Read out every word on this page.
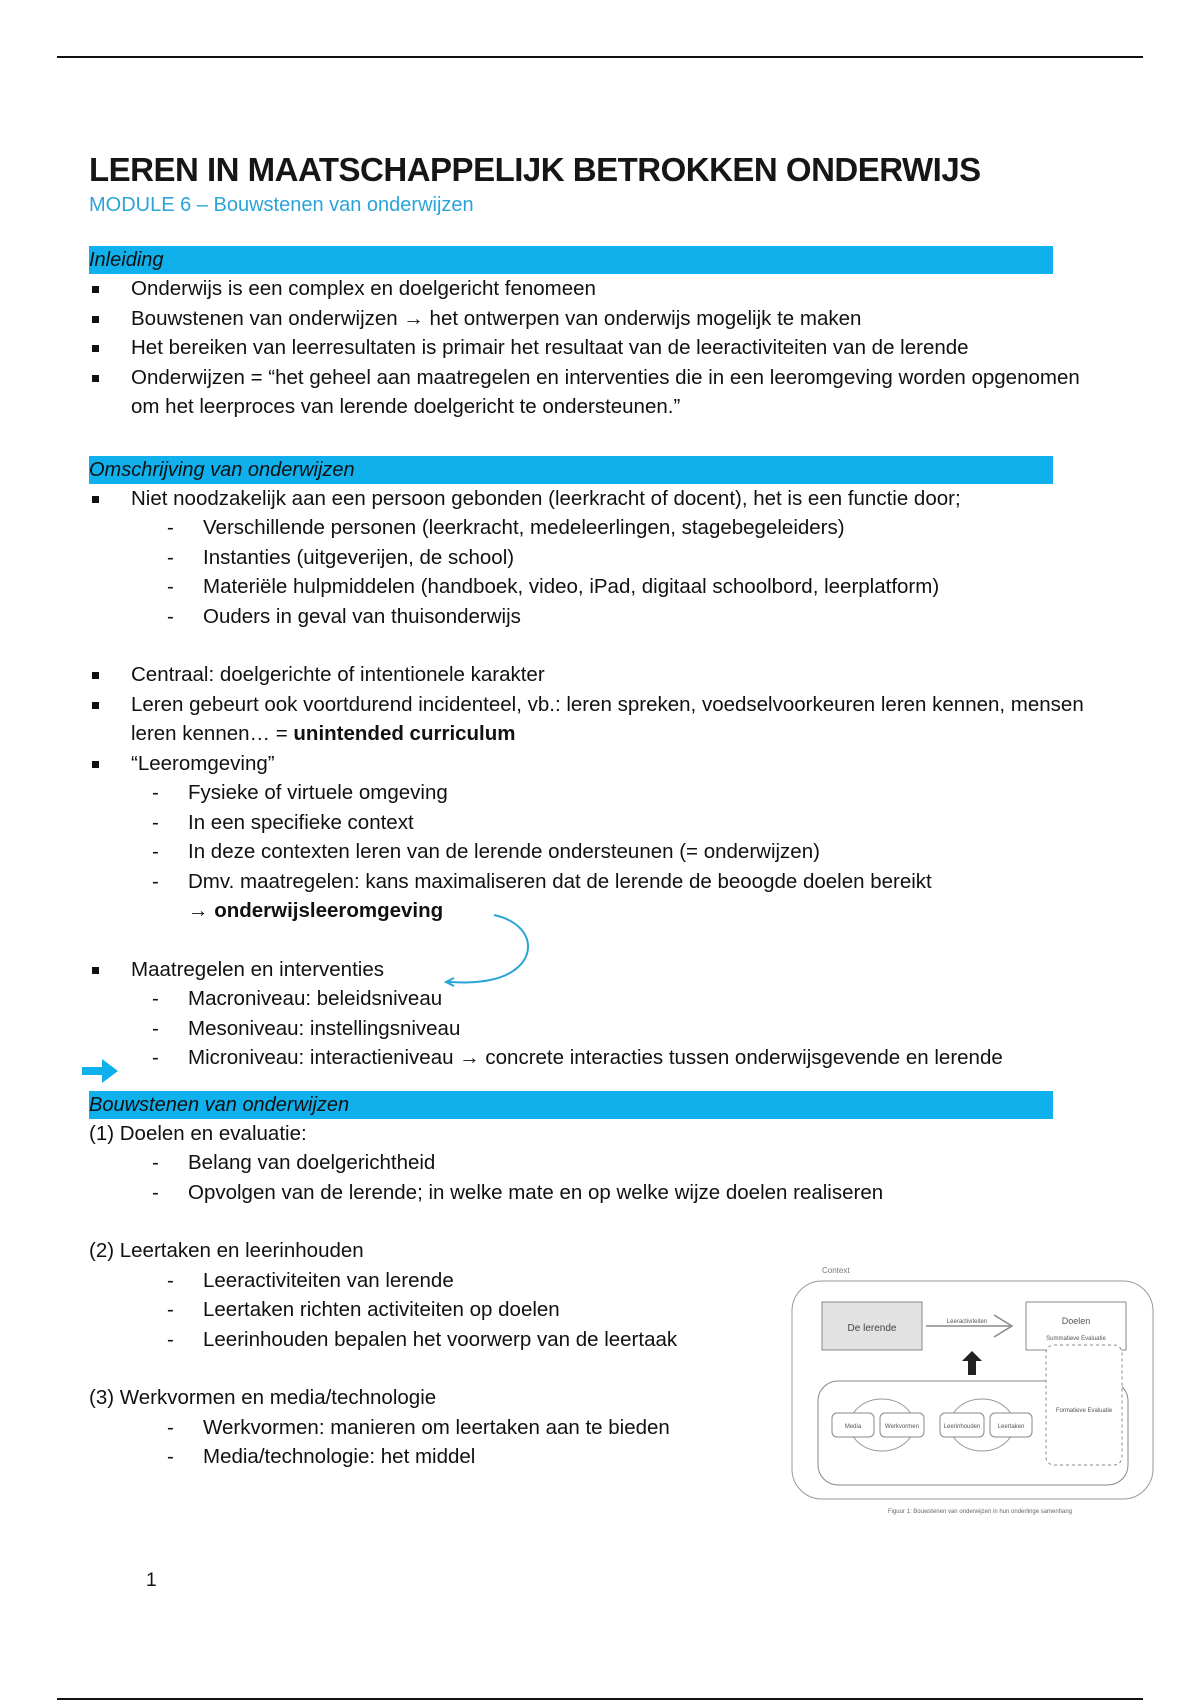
LEREN IN MAATSCHAPPELIJK BETROKKEN ONDERWIJS
MODULE 6 – Bouwstenen van onderwijzen
Inleiding
Onderwijs is een complex en doelgericht fenomeen
Bouwstenen van onderwijzen → het ontwerpen van onderwijs mogelijk te maken
Het bereiken van leerresultaten is primair het resultaat van de leeractiviteiten van de lerende
Onderwijzen = “het geheel aan maatregelen en interventies die in een leeromgeving worden opgenomen om het leerproces van lerende doelgericht te ondersteunen.”
Omschrijving van onderwijzen
Niet noodzakelijk aan een persoon gebonden (leerkracht of docent), het is een functie door;
- Verschillende personen (leerkracht, medeleerlingen, stagebegeleiders)
- Instanties (uitgeverijen, de school)
- Materiële hulpmiddelen (handboek, video, iPad, digitaal schoolbord, leerplatform)
- Ouders in geval van thuisonderwijs
Centraal: doelgerichte of intentionele karakter
Leren gebeurt ook voortdurend incidenteel, vb.: leren spreken, voedselvoorkeuren leren kennen, mensen leren kennen… = unintended curriculum
“Leeromgeving”
- Fysieke of virtuele omgeving
- In een specifieke context
- In deze contexten leren van de lerende ondersteunen (= onderwijzen)
- Dmv. maatregelen: kans maximaliseren dat de lerende de beoogde doelen bereikt
→ onderwijsleeromgeving
Maatregelen en interventies
- Macroniveau: beleidsniveau
- Mesoniveau: instellingsniveau
- Microniveau: interactieniveau → concrete interacties tussen onderwijsgevende en lerende
Bouwstenen van onderwijzen
(1) Doelen en evaluatie:
- Belang van doelgerichtheid
- Opvolgen van de lerende; in welke mate en op welke wijze doelen realiseren
(2) Leertaken en leerinhouden
- Leeractiviteiten van lerende
- Leertaken richten activiteiten op doelen
- Leerinhouden bepalen het voorwerp van de leertaak
(3) Werkvormen en media/technologie
- Werkvormen: manieren om leertaken aan te bieden
- Media/technologie: het middel
Context
De lerende
Leeractiviteiten	Doelen
Summatieve Evaluatie
Formatieve Evaluatie
Media	Werkvormen	Leerinhouden	Leertaken
Figuur 1: Bouwstenen van onderwijzen in hun onderlinge samenhang
1
